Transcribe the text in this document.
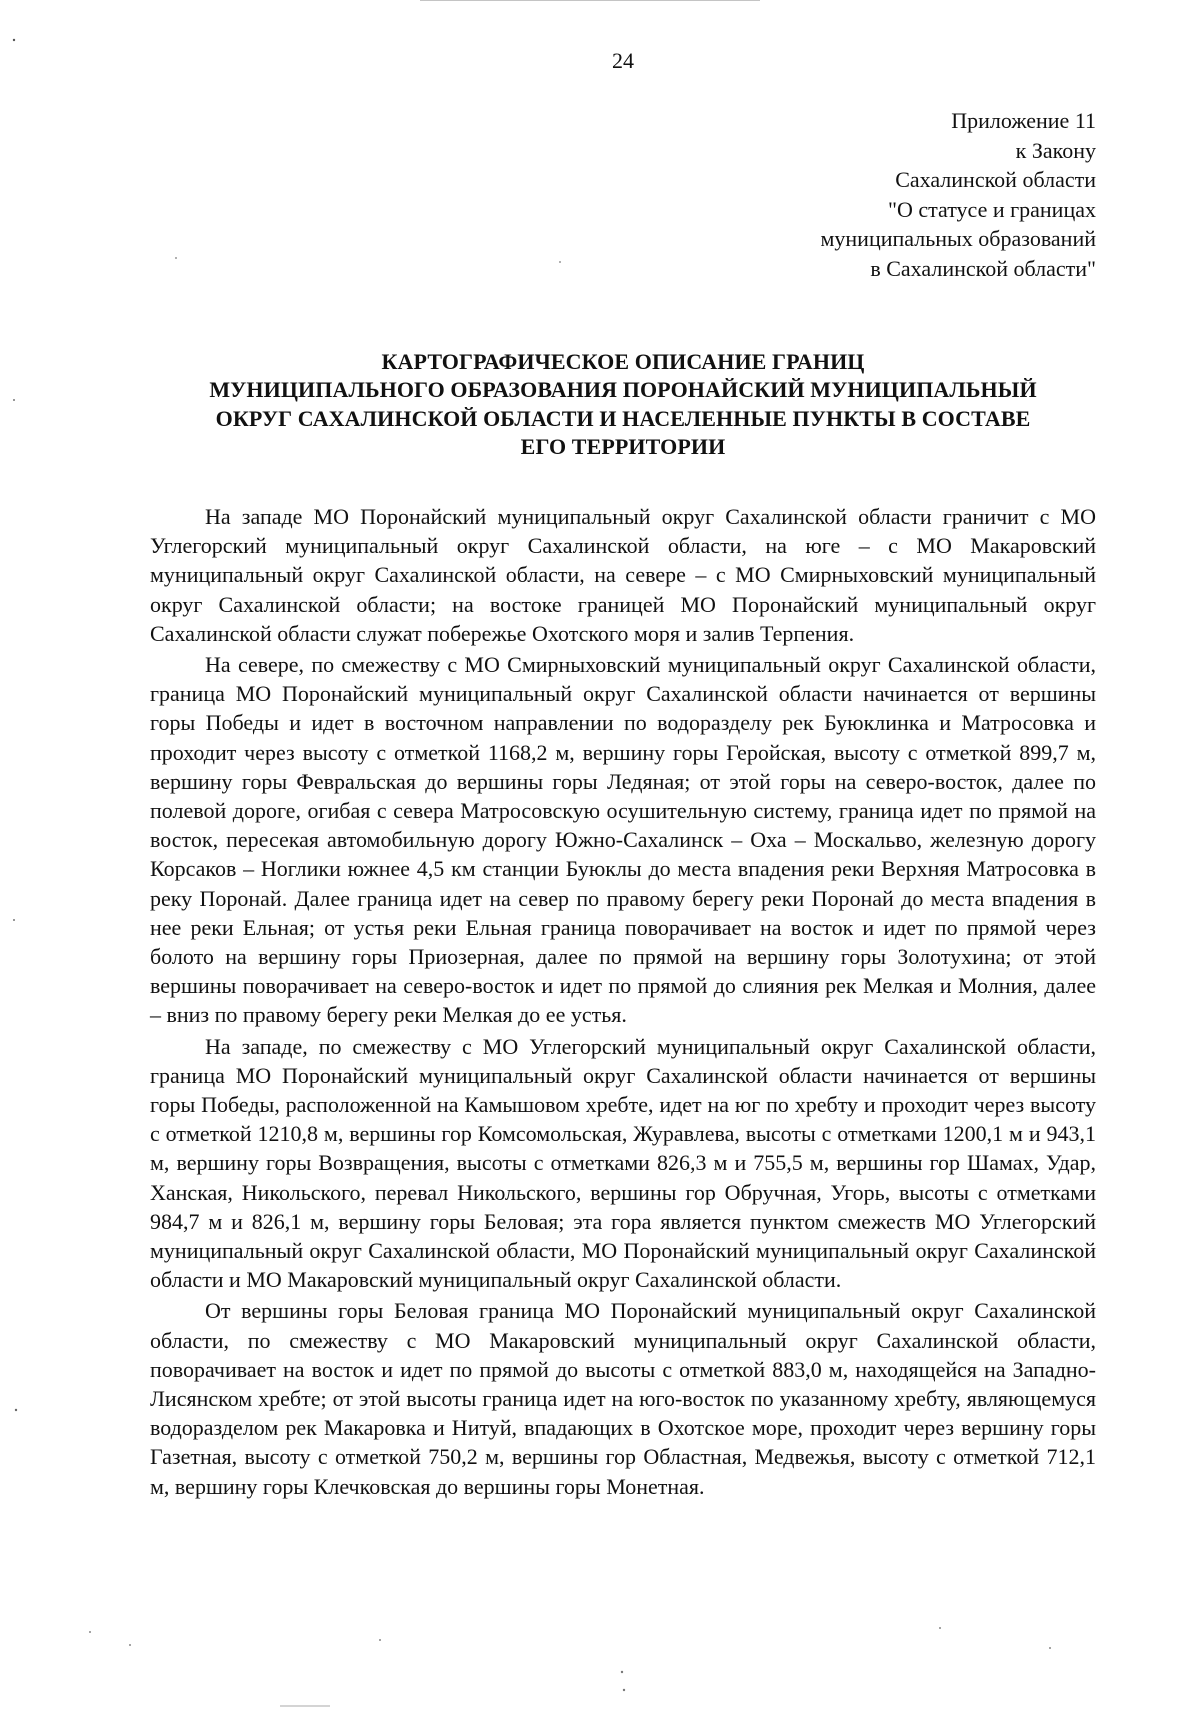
24
Приложение 11
к Закону
Сахалинской области
"О статусе и границах
муниципальных образований
в Сахалинской области"
КАРТОГРАФИЧЕСКОЕ ОПИСАНИЕ ГРАНИЦ
МУНИЦИПАЛЬНОГО ОБРАЗОВАНИЯ ПОРОНАЙСКИЙ МУНИЦИПАЛЬНЫЙ
ОКРУГ САХАЛИНСКОЙ ОБЛАСТИ И НАСЕЛЕННЫЕ ПУНКТЫ В СОСТАВЕ
ЕГО ТЕРРИТОРИИ

На западе МО Поронайский муниципальный округ Сахалинской области граничит с МО Углегорский муниципальный округ Сахалинской области, на юге – с МО Макаровский муниципальный округ Сахалинской области, на севере – с МО Смирныховский муниципальный округ Сахалинской области; на востоке границей МО Поронайский муниципальный округ Сахалинской области служат побережье Охотского моря и залив Терпения.

На севере, по смежеству с МО Смирныховский муниципальный округ Сахалинской области, граница МО Поронайский муниципальный округ Сахалинской области начинается от вершины горы Победы и идет в восточном направлении по водоразделу рек Буюклинка и Матросовка и проходит через высоту с отметкой 1168,2 м, вершину горы Геройская, высоту с отметкой 899,7 м, вершину горы Февральская до вершины горы Ледяная; от этой горы на северо-восток, далее по полевой дороге, огибая с севера Матросовскую осушительную систему, граница идет по прямой на восток, пересекая автомобильную дорогу Южно-Сахалинск – Оха – Москальво, железную дорогу Корсаков – Ноглики южнее 4,5 км станции Буюклы до места впадения реки Верхняя Матросовка в реку Поронай. Далее граница идет на север по правому берегу реки Поронай до места впадения в нее реки Ельная; от устья реки Ельная граница поворачивает на восток и идет по прямой через болото на вершину горы Приозерная, далее по прямой на вершину горы Золотухина; от этой вершины поворачивает на северо-восток и идет по прямой до слияния рек Мелкая и Молния, далее – вниз по правому берегу реки Мелкая до ее устья.

На западе, по смежеству с МО Углегорский муниципальный округ Сахалинской области, граница МО Поронайский муниципальный округ Сахалинской области начинается от вершины горы Победы, расположенной на Камышовом хребте, идет на юг по хребту и проходит через высоту с отметкой 1210,8 м, вершины гор Комсомольская, Журавлева, высоты с отметками 1200,1 м и 943,1 м, вершину горы Возвращения, высоты с отметками 826,3 м и 755,5 м, вершины гор Шамах, Удар, Ханская, Никольского, перевал Никольского, вершины гор Обручная, Угорь, высоты с отметками 984,7 м и 826,1 м, вершину горы Беловая; эта гора является пунктом смежеств МО Углегорский муниципальный округ Сахалинской области, МО Поронайский муниципальный округ Сахалинской области и МО Макаровский муниципальный округ Сахалинской области.

От вершины горы Беловая граница МО Поронайский муниципальный округ Сахалинской области, по смежеству с МО Макаровский муниципальный округ Сахалинской области, поворачивает на восток и идет по прямой до высоты с отметкой 883,0 м, находящейся на Западно-Лисянском хребте; от этой высоты граница идет на юго-восток по указанному хребту, являющемуся водоразделом рек Макаровка и Нитуй, впадающих в Охотское море, проходит через вершину горы Газетная, высоту с отметкой 750,2 м, вершины гор Областная, Медвежья, высоту с отметкой 712,1 м, вершину горы Клечковская до вершины горы Монетная.
